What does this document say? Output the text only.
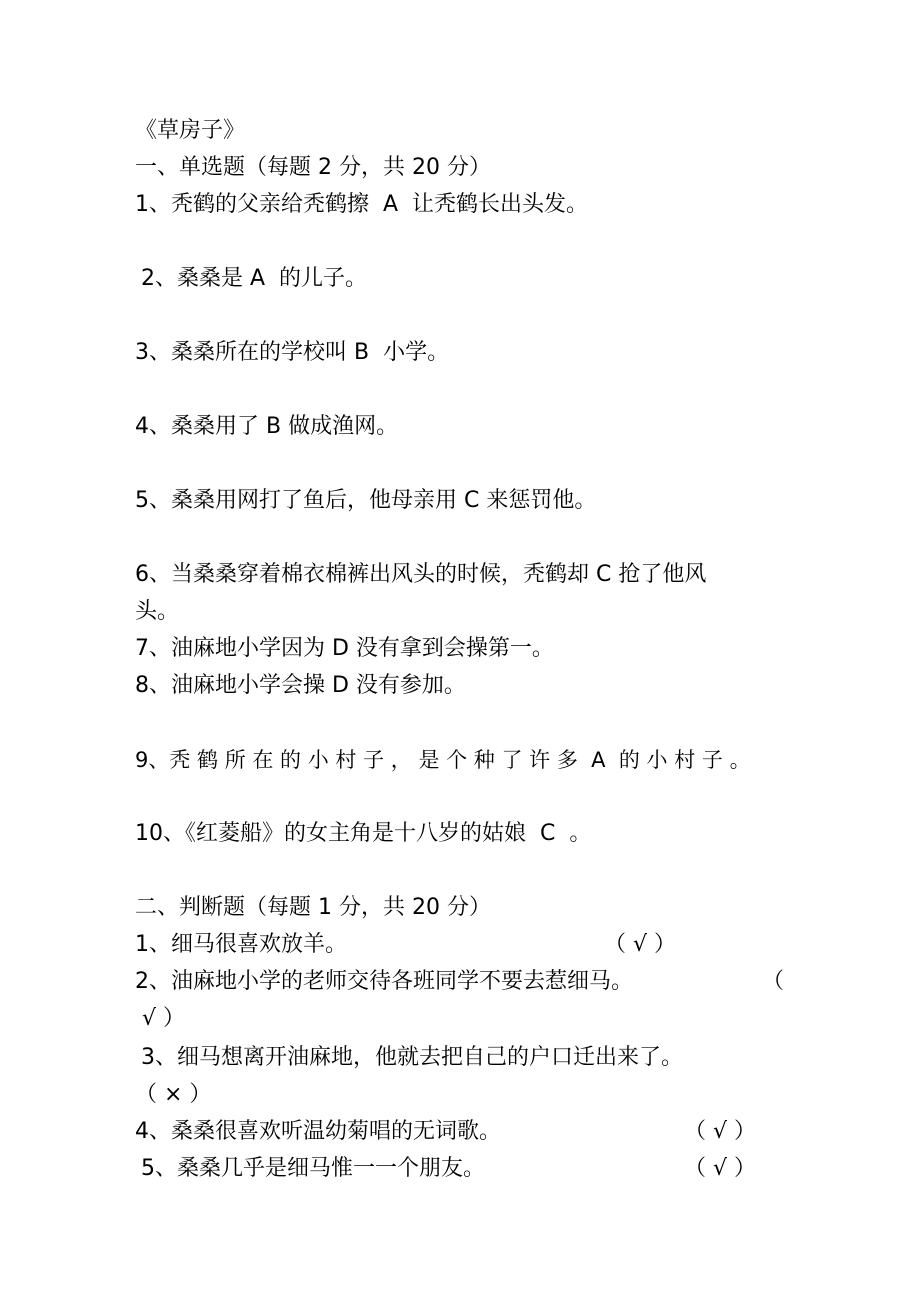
《草房子》

一、单选题（每题 2 分，共 20 分）

1、秃鹤的父亲给秃鹤擦  A  让秃鹤长出头发。

2、桑桑是 A  的儿子。

3、桑桑所在的学校叫 B  小学。

4、桑桑用了 B 做成渔网。

5、桑桑用网打了鱼后，他母亲用 C 来惩罚他。

6、当桑桑穿着棉衣棉裤出风头的时候，秃鹤却 C 抢了他风

头。

7、油麻地小学因为 D 没有拿到会操第一。

8、油麻地小学会操 D 没有参加。

9、秃 鹤 所 在 的 小 村 子 ， 是 个 种 了 许 多  A  的 小 村 子 。

10、《红菱船》的女主角是十八岁的姑娘  C  。

二、判断题（每题 1 分，共 20 分）

1、细马很喜欢放羊。	（ √ ）

2、油麻地小学的老师交待各班同学不要去惹细马。	（
√ ）

3、细马想离开油麻地，他就去把自己的户口迁出来了。

（ × ）

4、桑桑很喜欢听温幼菊唱的无词歌。	（ √ ）

5、桑桑几乎是细马惟一一个朋友。	（ √ ）
